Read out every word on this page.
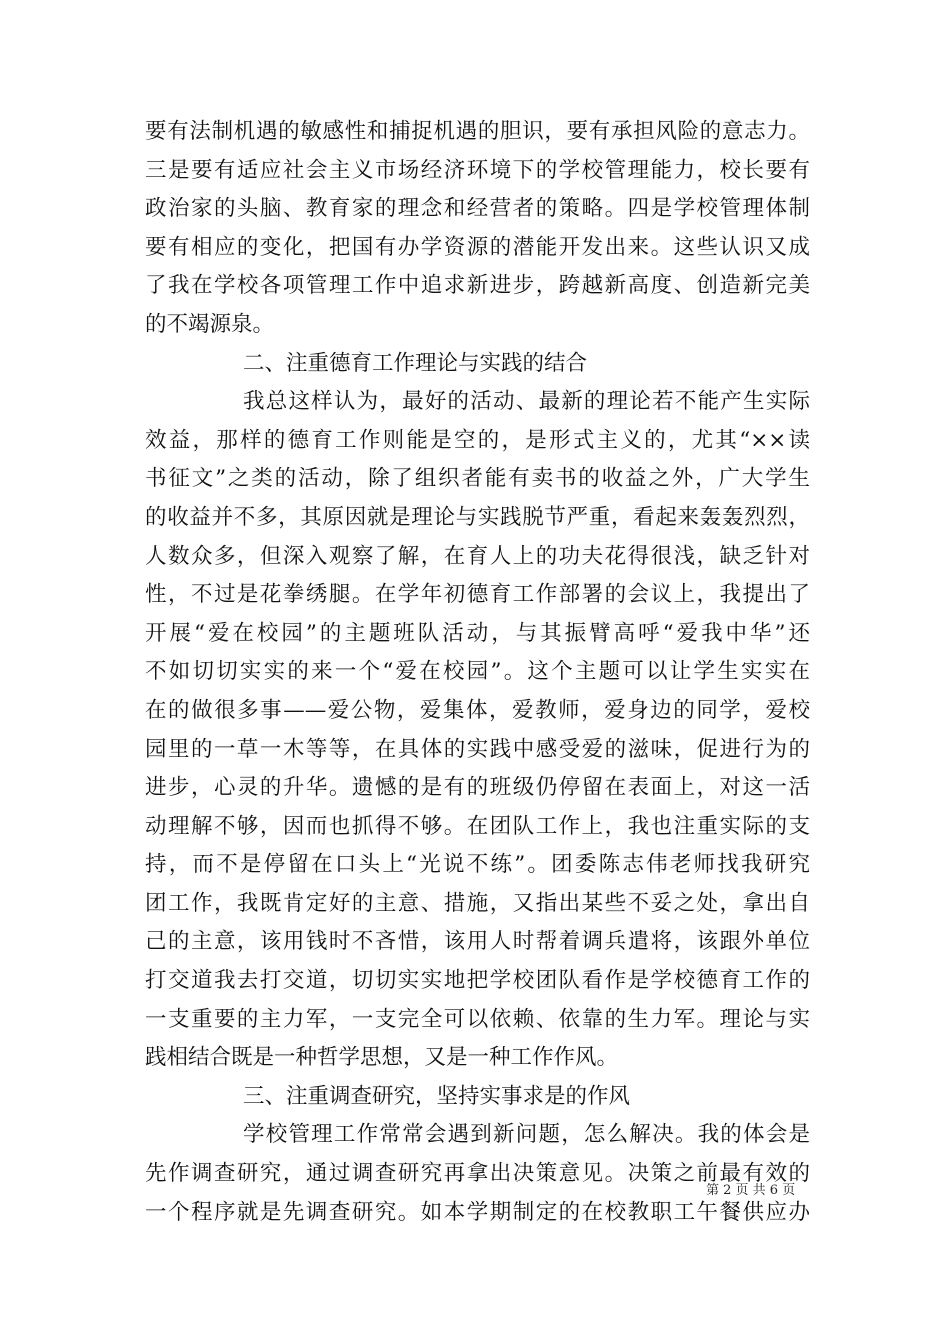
要有法制机遇的敏感性和捕捉机遇的胆识，要有承担风险的意志力。
三是要有适应社会主义市场经济环境下的学校管理能力，校长要有
政治家的头脑、教育家的理念和经营者的策略。四是学校管理体制
要有相应的变化，把国有办学资源的潜能开发出来。这些认识又成
了我在学校各项管理工作中追求新进步，跨越新高度、创造新完美
的不竭源泉。
二、注重德育工作理论与实践的结合
我总这样认为，最好的活动、最新的理论若不能产生实际
效益，那样的德育工作则能是空的，是形式主义的，尤其“××读
书征文”之类的活动，除了组织者能有卖书的收益之外，广大学生
的收益并不多，其原因就是理论与实践脱节严重，看起来轰轰烈烈，
人数众多，但深入观察了解，在育人上的功夫花得很浅，缺乏针对
性，不过是花拳绣腿。在学年初德育工作部署的会议上，我提出了
开展“爱在校园”的主题班队活动，与其振臂高呼“爱我中华”还
不如切切实实的来一个“爱在校园”。这个主题可以让学生实实在
在的做很多事——爱公物，爱集体，爱教师，爱身边的同学，爱校
园里的一草一木等等，在具体的实践中感受爱的滋味，促进行为的
进步，心灵的升华。遗憾的是有的班级仍停留在表面上，对这一活
动理解不够，因而也抓得不够。在团队工作上，我也注重实际的支
持，而不是停留在口头上“光说不练”。团委陈志伟老师找我研究
团工作，我既肯定好的主意、措施，又指出某些不妥之处，拿出自
己的主意，该用钱时不吝惜，该用人时帮着调兵遣将，该跟外单位
打交道我去打交道，切切实实地把学校团队看作是学校德育工作的
一支重要的主力军，一支完全可以依赖、依靠的生力军。理论与实
践相结合既是一种哲学思想，又是一种工作作风。
三、注重调查研究，坚持实事求是的作风
学校管理工作常常会遇到新问题，怎么解决。我的体会是
先作调查研究，通过调查研究再拿出决策意见。决策之前最有效的
一个程序就是先调查研究。如本学期制定的在校教职工午餐供应办
第 2 页 共 6 页
